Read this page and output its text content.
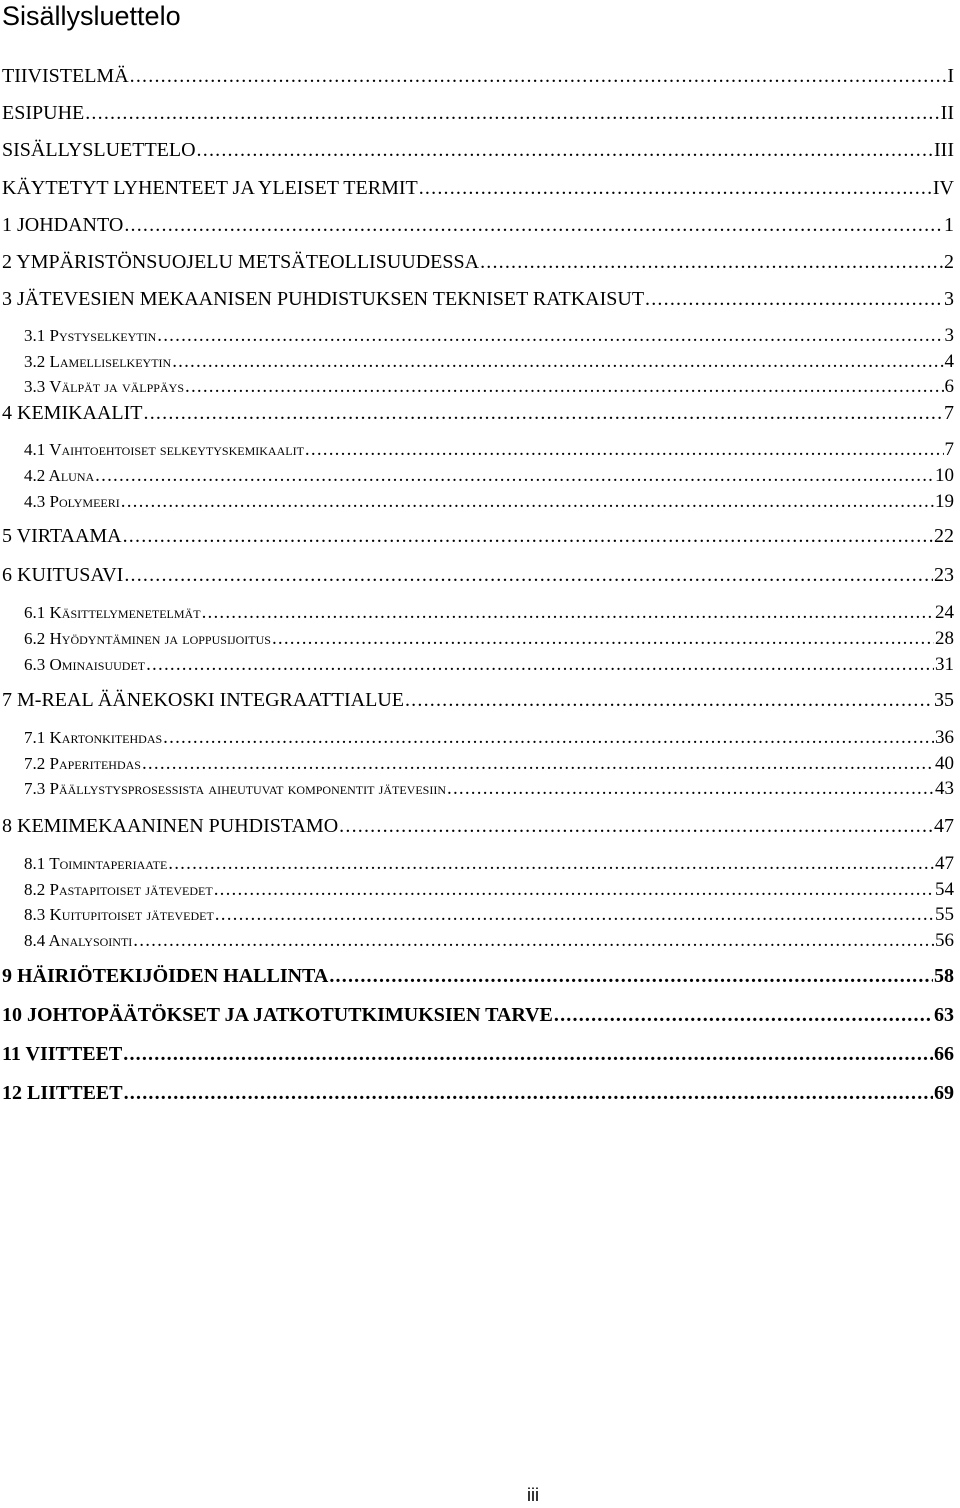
Sisällysluettelo
TIIVISTELMÄ .....	I
ESIPUHE .....	II
SISÄLLYSLUETTELO .....	III
KÄYTETYT LYHENTEET JA YLEISET TERMIT .....	IV
1 JOHDANTO .....	1
2 YMPÄRISTÖNSUOJELU METSÄTEOLLISUUDESSA .....	2
3 JÄTEVESIEN MEKAANISEN PUHDISTUKSEN TEKNISET RATKAISUT .....	3
3.1 Pystyselkeytin .....	3
3.2 Lamelliselkeytin .....	4
3.3 Välpät ja välppäys .....	6
4 KEMIKAALIT .....	7
4.1 Vaihtoehtoiset selkeytyskemikaalit .....	7
4.2 Aluna .....	10
4.3 Polymeeri .....	19
5 VIRTAAMA .....	22
6 KUITUSAVI .....	23
6.1 Käsittelymenetelmät .....	24
6.2 Hyödyntäminen ja loppusijoitus .....	28
6.3 Ominaisuudet .....	31
7 M-REAL ÄÄNEKOSKI INTEGRAATTIALUE .....	35
7.1 Kartonkitehdas .....	36
7.2 Paperitehdas .....	40
7.3 Päällystysprosessista aiheutuvat komponentit jätevesiin .....	43
8 KEMIMEKAANINEN PUHDISTAMO .....	47
8.1 Toimintaperiaate .....	47
8.2 Pastapitoiset jätevedet .....	54
8.3 Kuitupitoiset jätevedet .....	55
8.4 Analysointi .....	56
9 HÄIRIÖTEKIJÖIDEN HALLINTA .....	58
10 JOHTOPÄÄTÖKSET JA JATKOTUTKIMUKSIEN TARVE .....	63
11 VIITTEET .....	66
12 LIITTEET .....	69
iii
